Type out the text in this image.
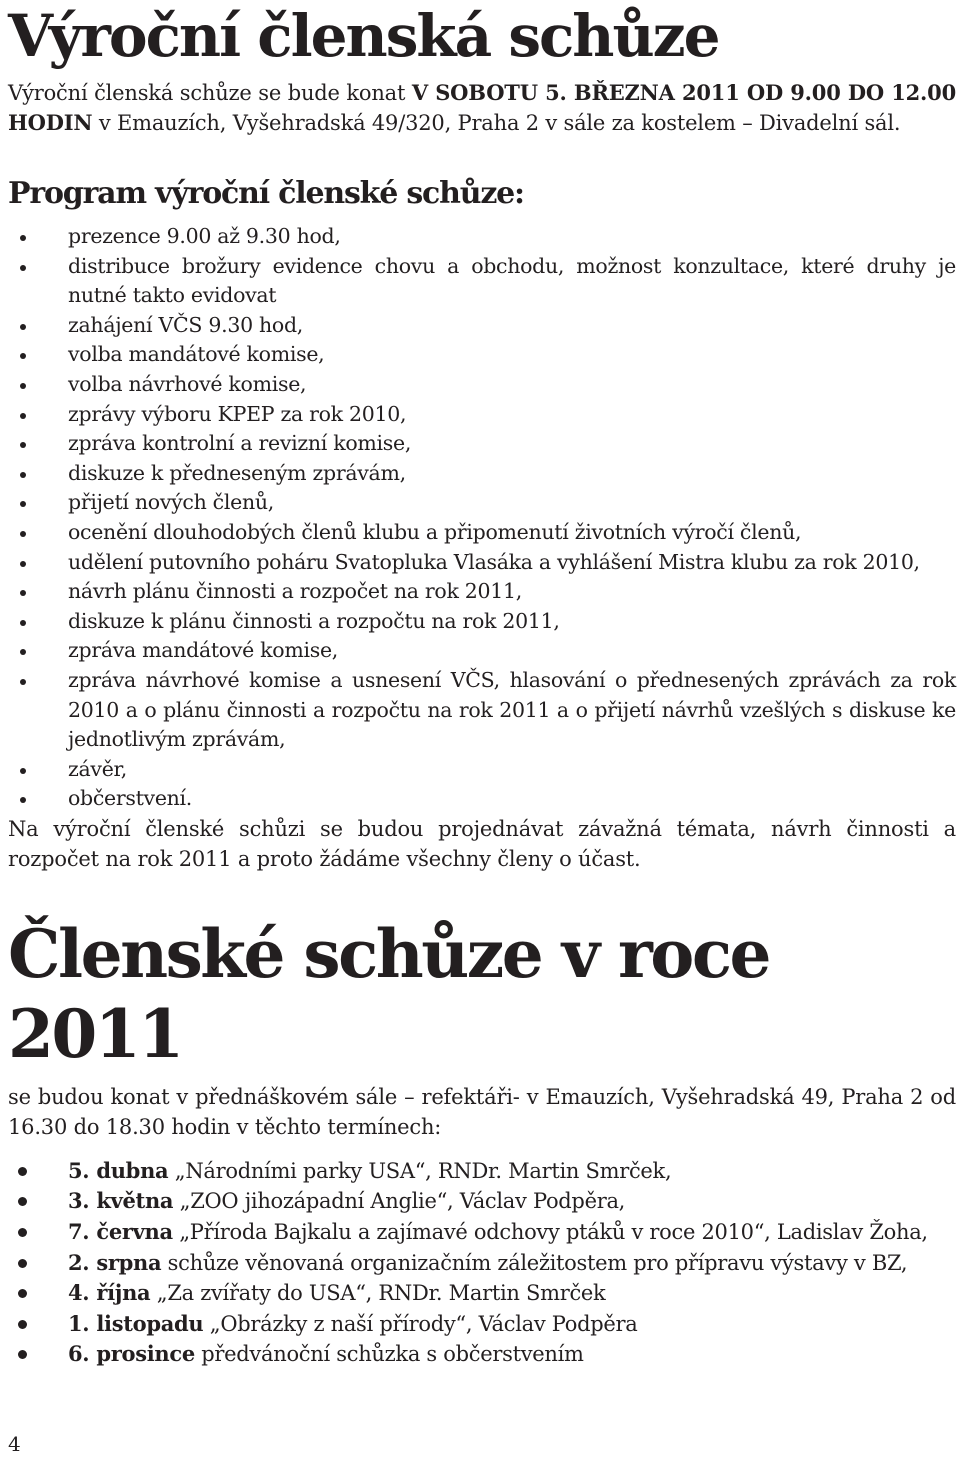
Výroční členská schůze

Výroční členská schůze se bude konat V SOBOTU 5. BŘEZNA 2011 OD 9.00 DO 12.00 HODIN v Emauzích, Vyšehradská 49/320, Praha 2 v sále za kostelem – Divadelní sál.

Program výroční členské schůze:
prezence 9.00 až 9.30 hod,
distribuce brožury evidence chovu a obchodu, možnost konzultace, které druhy je nutné takto evidovat
zahájení VČS 9.30 hod,
volba mandátové komise,
volba návrhové komise,
zprávy výboru KPEP za rok 2010,
zpráva kontrolní a revizní komise,
diskuze k předneseným zprávám,
přijetí nových členů,
ocenění dlouhodobých členů klubu a připomenutí životních výročí členů,
udělení putovního poháru Svatopluka Vlasáka a vyhlášení Mistra klubu za rok 2010,
návrh plánu činnosti a rozpočet na rok 2011,
diskuze k plánu činnosti a rozpočtu na rok 2011,
zpráva mandátové komise,
zpráva návrhové komise a usnesení VČS, hlasování o přednesených zprávách za rok 2010 a o plánu činnosti a rozpočtu na rok 2011 a o přijetí návrhů vzešlých s diskuse ke jednotlivým zprávám,
závěr,
občerstvení.

Na výroční členské schůzi se budou projednávat závažná témata, návrh činnosti a rozpočet na rok 2011 a proto žádáme všechny členy o účast.

Členské schůze v roce 2011

se budou konat v přednáškovém sále – refektáři- v Emauzích, Vyšehradská 49, Praha 2 od 16.30 do 18.30 hodin v těchto termínech:

5. dubna „Národními parky USA“, RNDr. Martin Smrček,
3. května „ZOO jihozápadní Anglie“, Václav Podpěra,
7. června „Příroda Bajkalu a zajímavé odchovy ptáků v roce 2010“, Ladislav Žoha,
2. srpna schůze věnovaná organizačním záležitostem pro přípravu výstavy v BZ,
4. října „Za zvířaty do USA“, RNDr. Martin Smrček
1. listopadu „Obrázky z naší přírody“, Václav Podpěra
6. prosince předvánoční schůzka s občerstvením
4
